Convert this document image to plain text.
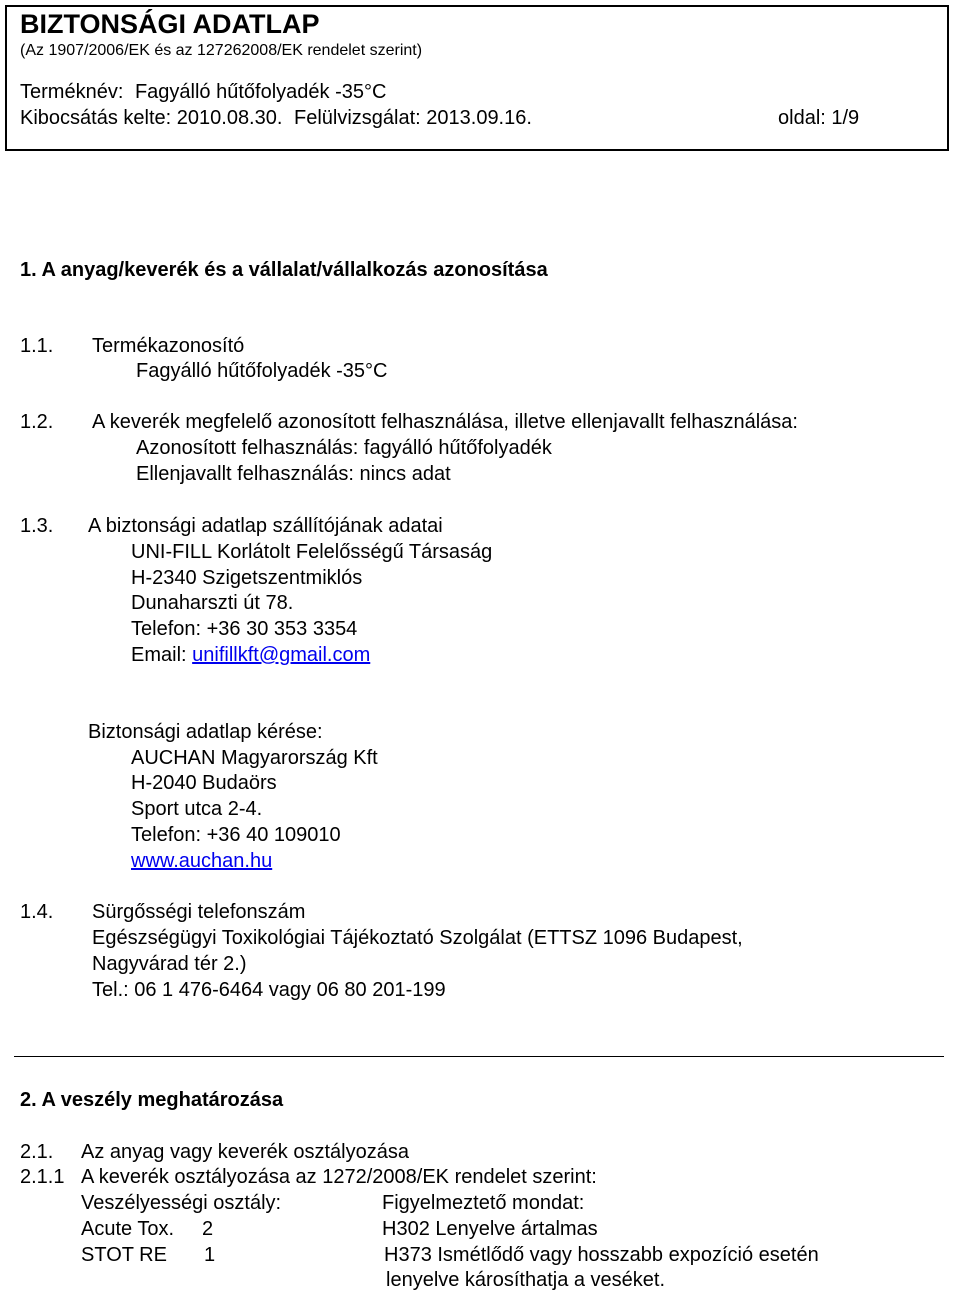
BIZTONSÁGI ADATLAP
(Az 1907/2006/EK és az 127262008/EK rendelet szerint)
Terméknév: Fagyálló hűtőfolyadék -35°C
Kibocsátás kelte: 2010.08.30. Felülvizsgálat: 2013.09.16.	oldal: 1/9
1. A anyag/keverék és a vállalat/vállalkozás azonosítása
1.1. Termékazonosító
Fagyálló hűtőfolyadék -35°C
1.2. A keverék megfelelő azonosított felhasználása, illetve ellenjavallt felhasználása:
Azonosított felhasználás: fagyálló hűtőfolyadék
Ellenjavallt felhasználás: nincs adat
1.3. A biztonsági adatlap szállítójának adatai
UNI-FILL Korlátolt Felelősségű Társaság
H-2340 Szigetszentmiklós
Dunaharszti út 78.
Telefon: +36 30 353 3354
Email: unifillkft@gmail.com
Biztonsági adatlap kérése:
AUCHAN Magyarország Kft
H-2040 Budaörs
Sport utca 2-4.
Telefon: +36 40 109010
www.auchan.hu
1.4. Sürgősségi telefonszám
Egészségügyi Toxikológiai Tájékoztató Szolgálat (ETTSZ 1096 Budapest,
Nagyvárad tér 2.)
Tel.: 06 1 476-6464 vagy 06 80 201-199
2. A veszély meghatározása
2.1. Az anyag vagy keverék osztályozása
2.1.1 A keverék osztályozása az 1272/2008/EK rendelet szerint:
Veszélyességi osztály:	Figyelmeztető mondat:
Acute Tox. 2	H302 Lenyelve ártalmas
STOT RE 1	H373 Ismétlődő vagy hosszabb expozíció esetén
lenyelve károsíthatja a veséket.
